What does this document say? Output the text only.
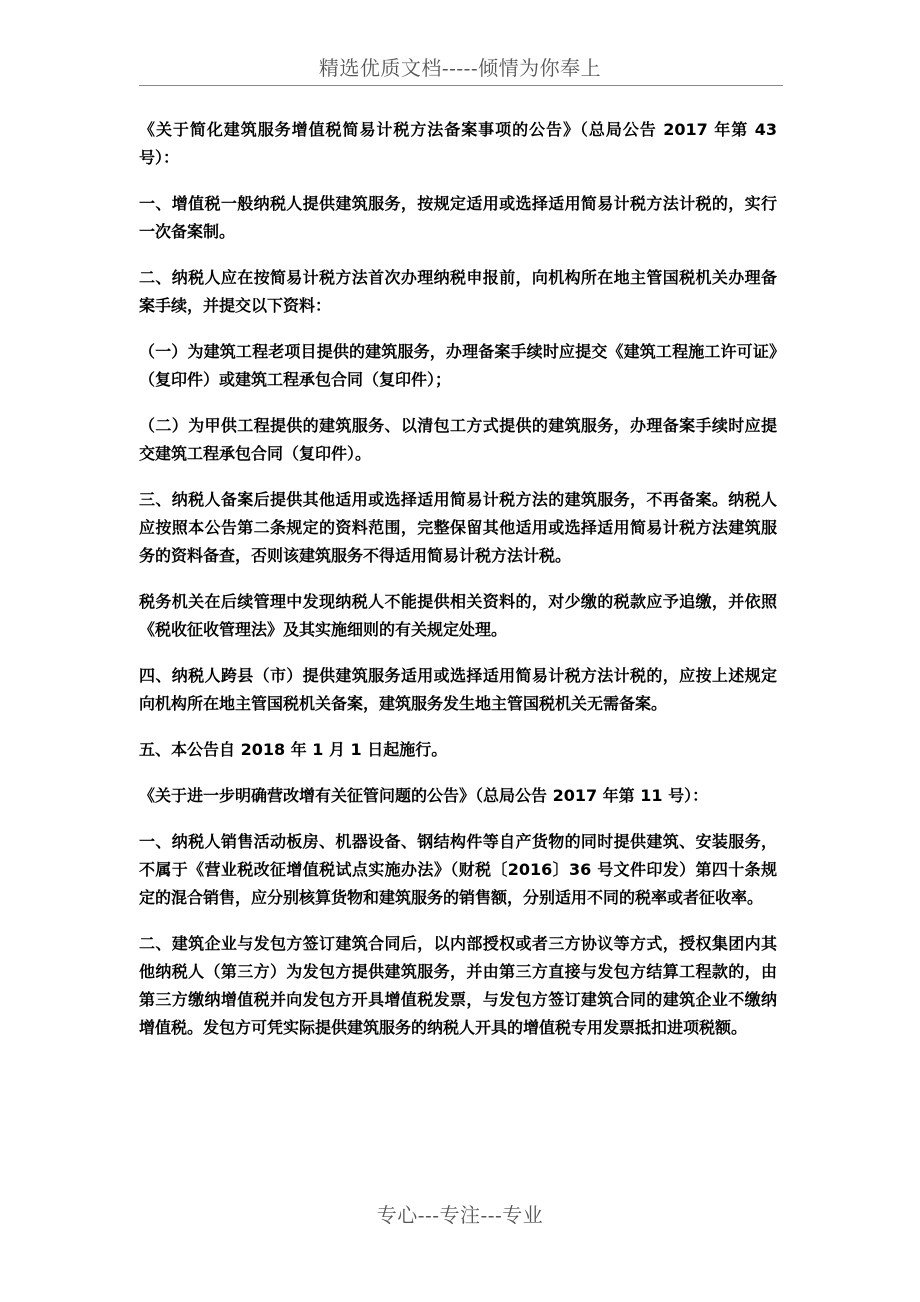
精选优质文档-----倾情为你奉上

《关于简化建筑服务增值税简易计税方法备案事项的公告》（总局公告 2017 年第 43 号）：

一、增值税一般纳税人提供建筑服务，按规定适用或选择适用简易计税方法计税的，实行一次备案制。

二、纳税人应在按简易计税方法首次办理纳税申报前，向机构所在地主管国税机关办理备案手续，并提交以下资料：

（一）为建筑工程老项目提供的建筑服务，办理备案手续时应提交《建筑工程施工许可证》（复印件）或建筑工程承包合同（复印件）；

（二）为甲供工程提供的建筑服务、以清包工方式提供的建筑服务，办理备案手续时应提交建筑工程承包合同（复印件）。

三、纳税人备案后提供其他适用或选择适用简易计税方法的建筑服务，不再备案。纳税人应按照本公告第二条规定的资料范围，完整保留其他适用或选择适用简易计税方法建筑服务的资料备查，否则该建筑服务不得适用简易计税方法计税。

税务机关在后续管理中发现纳税人不能提供相关资料的，对少缴的税款应予追缴，并依照《税收征收管理法》及其实施细则的有关规定处理。

四、纳税人跨县（市）提供建筑服务适用或选择适用简易计税方法计税的，应按上述规定向机构所在地主管国税机关备案，建筑服务发生地主管国税机关无需备案。

五、本公告自 2018 年 1 月 1 日起施行。

《关于进一步明确营改增有关征管问题的公告》（总局公告 2017 年第 11 号）：

一、纳税人销售活动板房、机器设备、钢结构件等自产货物的同时提供建筑、安装服务，不属于《营业税改征增值税试点实施办法》（财税〔2016〕36 号文件印发）第四十条规定的混合销售，应分别核算货物和建筑服务的销售额，分别适用不同的税率或者征收率。

二、建筑企业与发包方签订建筑合同后，以内部授权或者三方协议等方式，授权集团内其他纳税人（第三方）为发包方提供建筑服务，并由第三方直接与发包方结算工程款的，由第三方缴纳增值税并向发包方开具增值税发票，与发包方签订建筑合同的建筑企业不缴纳增值税。发包方可凭实际提供建筑服务的纳税人开具的增值税专用发票抵扣进项税额。

专心---专注---专业
